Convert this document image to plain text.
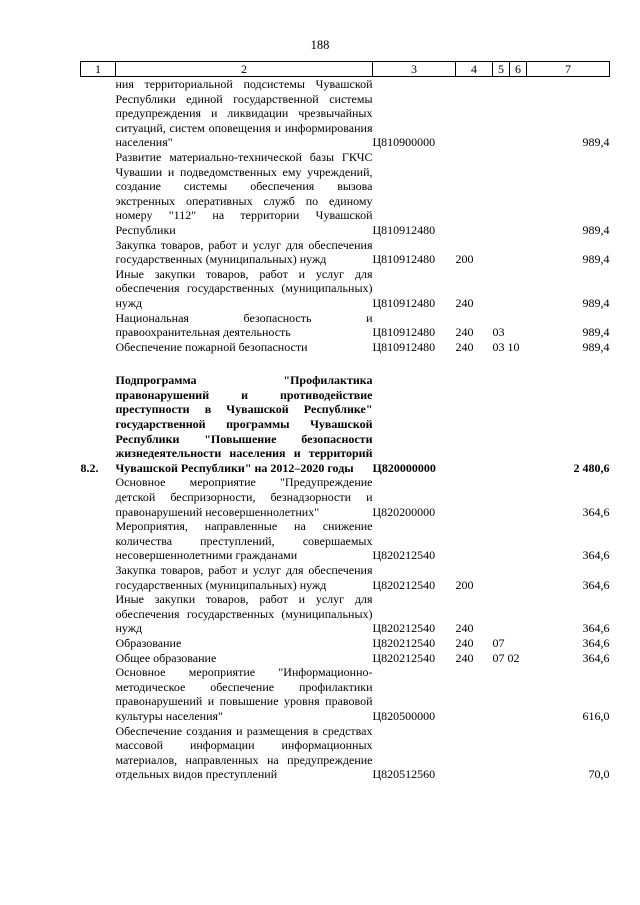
188
1	2	3	4	5	6	7
	ния территориальной подсистемы Чувашской Республики единой государственной системы предупреждения и ликвидации чрезвычайных ситуаций, систем оповещения и информирования населения"	Ц810900000				989,4
	Развитие материально-технической базы ГКЧС Чувашии и подведомственных ему учреждений, создание системы обеспечения вызова экстренных оперативных служб по единому номеру "112" на территории Чувашской Республики	Ц810912480				989,4
	Закупка товаров, работ и услуг для обеспечения государственных (муниципальных) нужд	Ц810912480	200			989,4
	Иные закупки товаров, работ и услуг для обеспечения государственных (муниципальных) нужд	Ц810912480	240			989,4
	Национальная безопасность и правоохранительная деятельность	Ц810912480	240	03		989,4
	Обеспечение пожарной безопасности	Ц810912480	240	03 10		989,4

8.2.	Подпрограмма "Профилактика правонарушений и противодействие преступности в Чувашской Республике" государственной программы Чувашской Республики "Повышение безопасности жизнедеятельности населения и территорий Чувашской Республики" на 2012–2020 годы	Ц820000000				2 480,6
	Основное мероприятие "Предупреждение детской беспризорности, безнадзорности и правонарушений несовершеннолетних"	Ц820200000				364,6
	Мероприятия, направленные на снижение количества преступлений, совершаемых несовершеннолетними гражданами	Ц820212540				364,6
	Закупка товаров, работ и услуг для обеспечения государственных (муниципальных) нужд	Ц820212540	200			364,6
	Иные закупки товаров, работ и услуг для обеспечения государственных (муниципальных) нужд	Ц820212540	240			364,6
	Образование	Ц820212540	240	07		364,6
	Общее образование	Ц820212540	240	07 02		364,6
	Основное мероприятие "Информационно-методическое обеспечение профилактики правонарушений и повышение уровня правовой культуры населения"	Ц820500000				616,0
	Обеспечение создания и размещения в средствах массовой информации информационных материалов, направленных на предупреждение отдельных видов преступлений	Ц820512560				70,0
